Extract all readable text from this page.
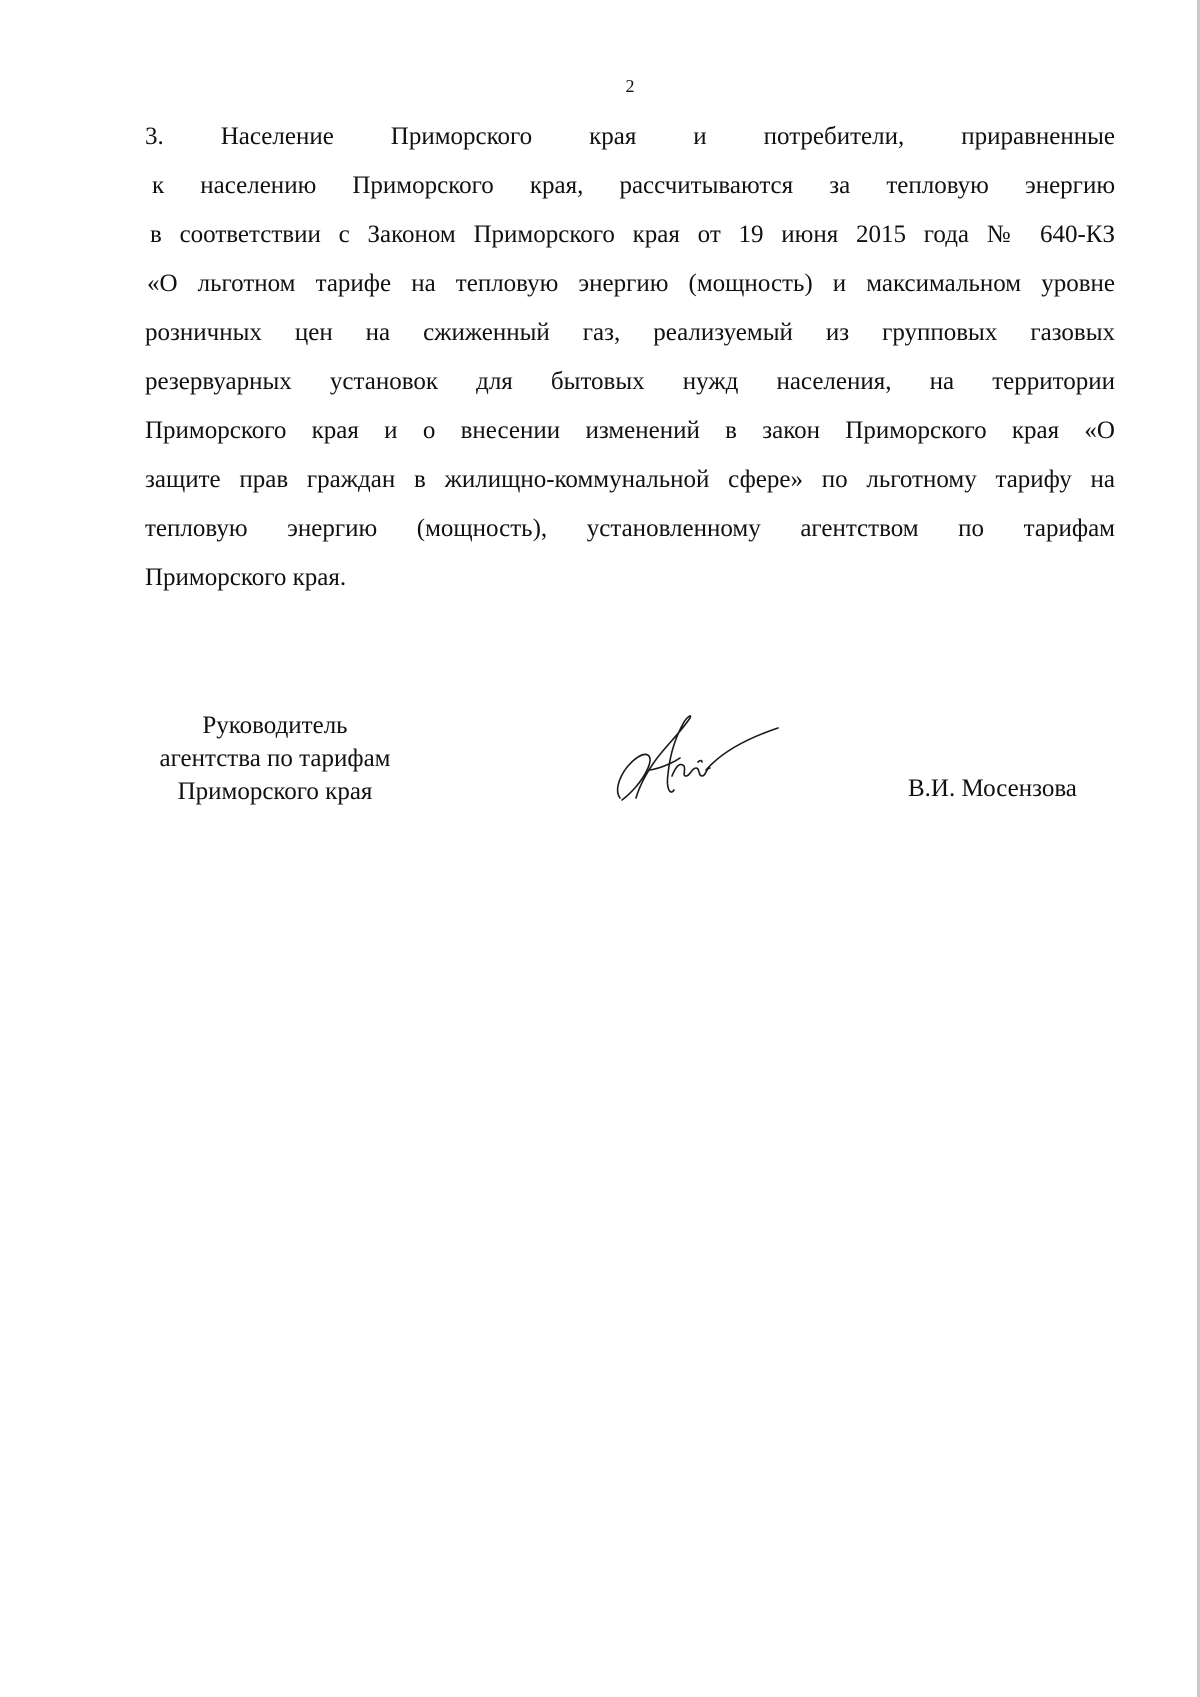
2
3. Население Приморского края и потребители, приравненные
к населению Приморского края, рассчитываются за тепловую энергию
в соответствии с Законом Приморского края от 19 июня 2015 года № 640-КЗ
«О льготном тарифе на тепловую энергию (мощность) и максимальном уровне
розничных цен на сжиженный газ, реализуемый из групповых газовых
резервуарных установок для бытовых нужд населения, на территории
Приморского края и о внесении изменений в закон Приморского края «О
защите прав граждан в жилищно-коммунальной сфере» по льготному тарифу на
тепловую энергию (мощность), установленному агентством по тарифам
Приморского края.
Руководитель
агентства по тарифам
Приморского края	В.И. Мосензова
